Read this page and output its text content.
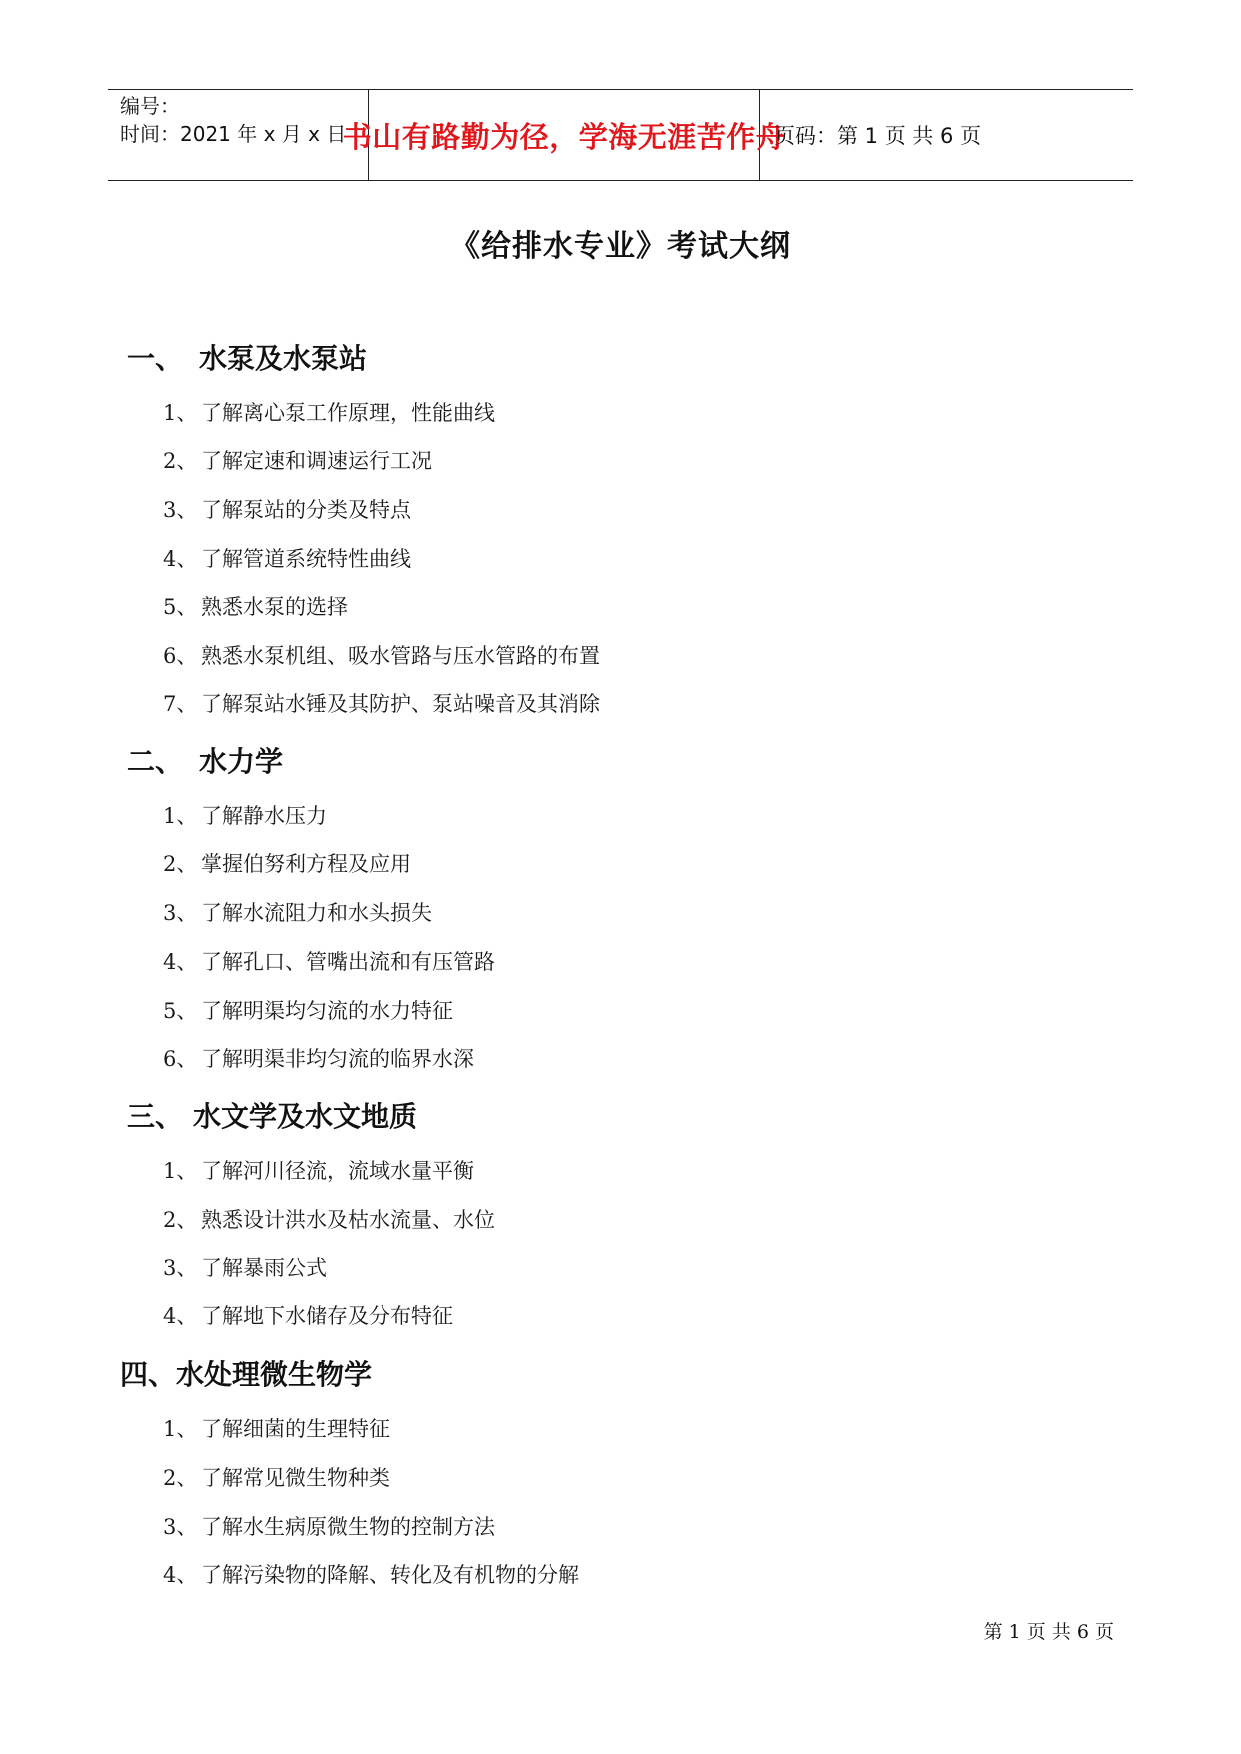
编号：
时间：2021 年 x 月 x 日
书山有路勤为径，学海无涯苦作舟
页码：第 1 页 共 6 页
《给排水专业》考试大纲
一、 水泵及水泵站
1、 了解离心泵工作原理，性能曲线
2、 了解定速和调速运行工况
3、 了解泵站的分类及特点
4、 了解管道系统特性曲线
5、 熟悉水泵的选择
6、 熟悉水泵机组、吸水管路与压水管路的布置
7、 了解泵站水锤及其防护、泵站噪音及其消除
二、 水力学
1、 了解静水压力
2、 掌握伯努利方程及应用
3、 了解水流阻力和水头损失
4、 了解孔口、管嘴出流和有压管路
5、 了解明渠均匀流的水力特征
6、 了解明渠非均匀流的临界水深
三、 水文学及水文地质
1、 了解河川径流，流域水量平衡
2、 熟悉设计洪水及枯水流量、水位
3、 了解暴雨公式
4、 了解地下水储存及分布特征
四、水处理微生物学
1、 了解细菌的生理特征
2、 了解常见微生物种类
3、 了解水生病原微生物的控制方法
4、 了解污染物的降解、转化及有机物的分解
第 1 页 共 6 页
